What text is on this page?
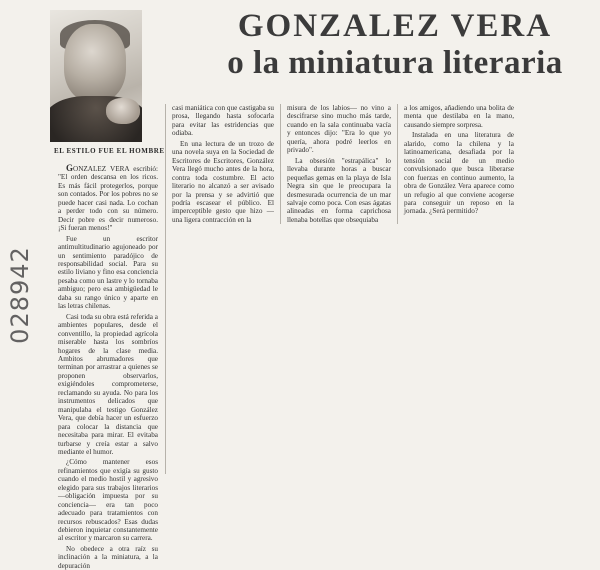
EL ESTILO FUE EL HOMBRE
GONZALEZ VERA
o la miniatura literaria
028942

GONZALEZ VERA escribió: "El orden descansa en los ricos. Es más fácil protegerlos, porque son contados. Por los pobres no se puede hacer casi nada. Lo cochan a perder todo con su número. Decir pobre es decir numeroso. ¡Si fueran menos!"

Fue un escritor antimultitudinario agujoneado por un sentimiento paradójico de responsabilidad social. Para su estilo liviano y fino esa conciencia pesaba como un lastre y lo tornaba ambiguo; pero esa ambigüedad le daba su rango único y aparte en las letras chilenas.

Casi toda su obra está referida a ambientes populares, desde el conventillo, la propiedad agrícola miserable hasta los sombríos hogares de la clase media. Ambitos abrumadores que terminan por arrastrar a quienes se proponen observarlos, exigiéndoles comprometerse, reclamando su ayuda. No para los instrumentos delicados que manipulaba el testigo González Vera, que debía hacer un esfuerzo para colocar la distancia que necesitaba para mirar. El evitaba turbarse y creía estar a salvo mediante el humor.

¿Cómo mantener esos refinamientos que exigía su gusto cuando el medio hostil y agresivo elegido para sus trabajos literarios —obligación impuesta por su conciencia— era tan poco adecuado para tratamientos con recursos rebuscados? Esas dudas debieron inquietar constantemente al escritor y marcaron su carrera.

No obedece a otra raíz su inclinación a la miniatura, a la depuración

casi maniática con que castigaba su prosa, llegando hasta sofocarla para evitar las estridencias que odiaba.

En una lectura de un trozo de una novela suya en la Sociedad de Escritores de Escritores, González Vera llegó mucho antes de la hora, contra toda costumbre. El acto literario no alcanzó a ser avisado por la prensa y se advirtió que podría escasear el público. El imperceptible gesto que hizo —una ligera contracción en la

misura de los labios— no vino a descifrarse sino mucho más tarde, cuando en la sala continuaba vacía y entonces dijo: "Era lo que yo quería, ahora podré leerlos en privado".

La obsesión "estrapálica" lo llevaba durante horas a buscar pequeñas gemas en la playa de Isla Negra sin que le preocupara la desmesurada ocurrencia de un mar salvaje como poca. Con esas ágatas alineadas en forma caprichosa llenaba botellas que obsequiaba

a los amigos, añadiendo una bolita de menta que destilaba en la mano, causando siempre sorpresa.

Instalada en una literatura de alarido, como la chilena y la latinoamericana, desafiada por la tensión social de un medio convulsionado que busca liberarse con fuerzas en continuo aumento, la obra de González Vera aparece como un refugio al que conviene acogerse para conseguir un reposo en la jornada. ¿Será permitido?
